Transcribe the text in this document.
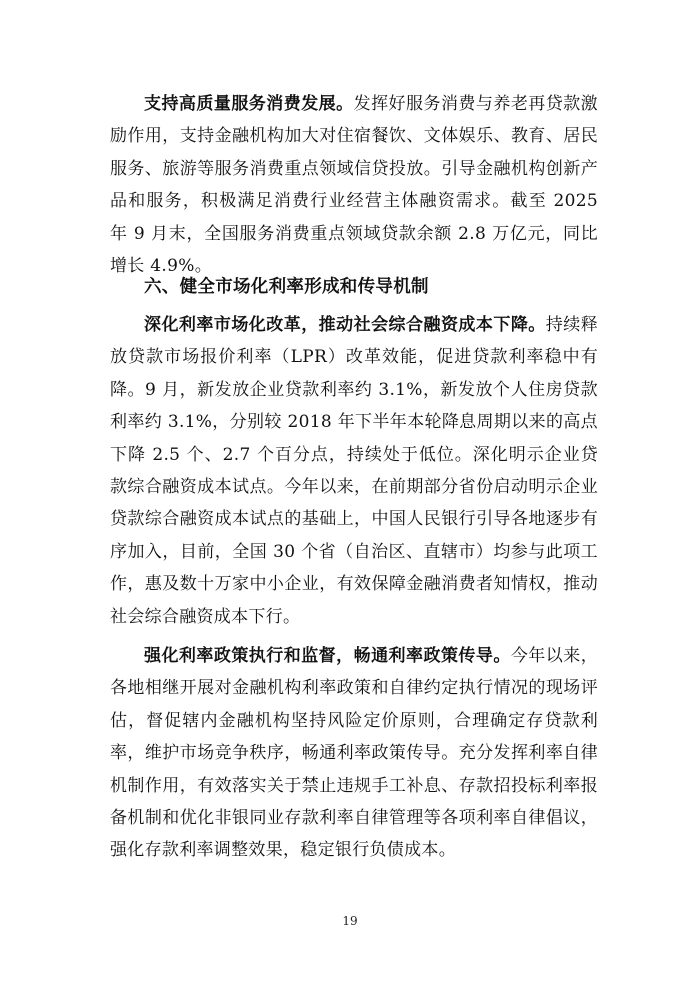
支持高质量服务消费发展。发挥好服务消费与养老再贷款激励作用，支持金融机构加大对住宿餐饮、文体娱乐、教育、居民服务、旅游等服务消费重点领域信贷投放。引导金融机构创新产品和服务，积极满足消费行业经营主体融资需求。截至 2025 年 9 月末，全国服务消费重点领域贷款余额 2.8 万亿元，同比增长 4.9%。

六、健全市场化利率形成和传导机制

深化利率市场化改革，推动社会综合融资成本下降。持续释放贷款市场报价利率（LPR）改革效能，促进贷款利率稳中有降。9 月，新发放企业贷款利率约 3.1%，新发放个人住房贷款利率约 3.1%，分别较 2018 年下半年本轮降息周期以来的高点下降 2.5 个、2.7 个百分点，持续处于低位。深化明示企业贷款综合融资成本试点。今年以来，在前期部分省份启动明示企业贷款综合融资成本试点的基础上，中国人民银行引导各地逐步有序加入，目前，全国 30 个省（自治区、直辖市）均参与此项工作，惠及数十万家中小企业，有效保障金融消费者知情权，推动社会综合融资成本下行。

强化利率政策执行和监督，畅通利率政策传导。今年以来，各地相继开展对金融机构利率政策和自律约定执行情况的现场评估，督促辖内金融机构坚持风险定价原则，合理确定存贷款利率，维护市场竞争秩序，畅通利率政策传导。充分发挥利率自律机制作用，有效落实关于禁止违规手工补息、存款招投标利率报备机制和优化非银同业存款利率自律管理等各项利率自律倡议，强化存款利率调整效果，稳定银行负债成本。

19
